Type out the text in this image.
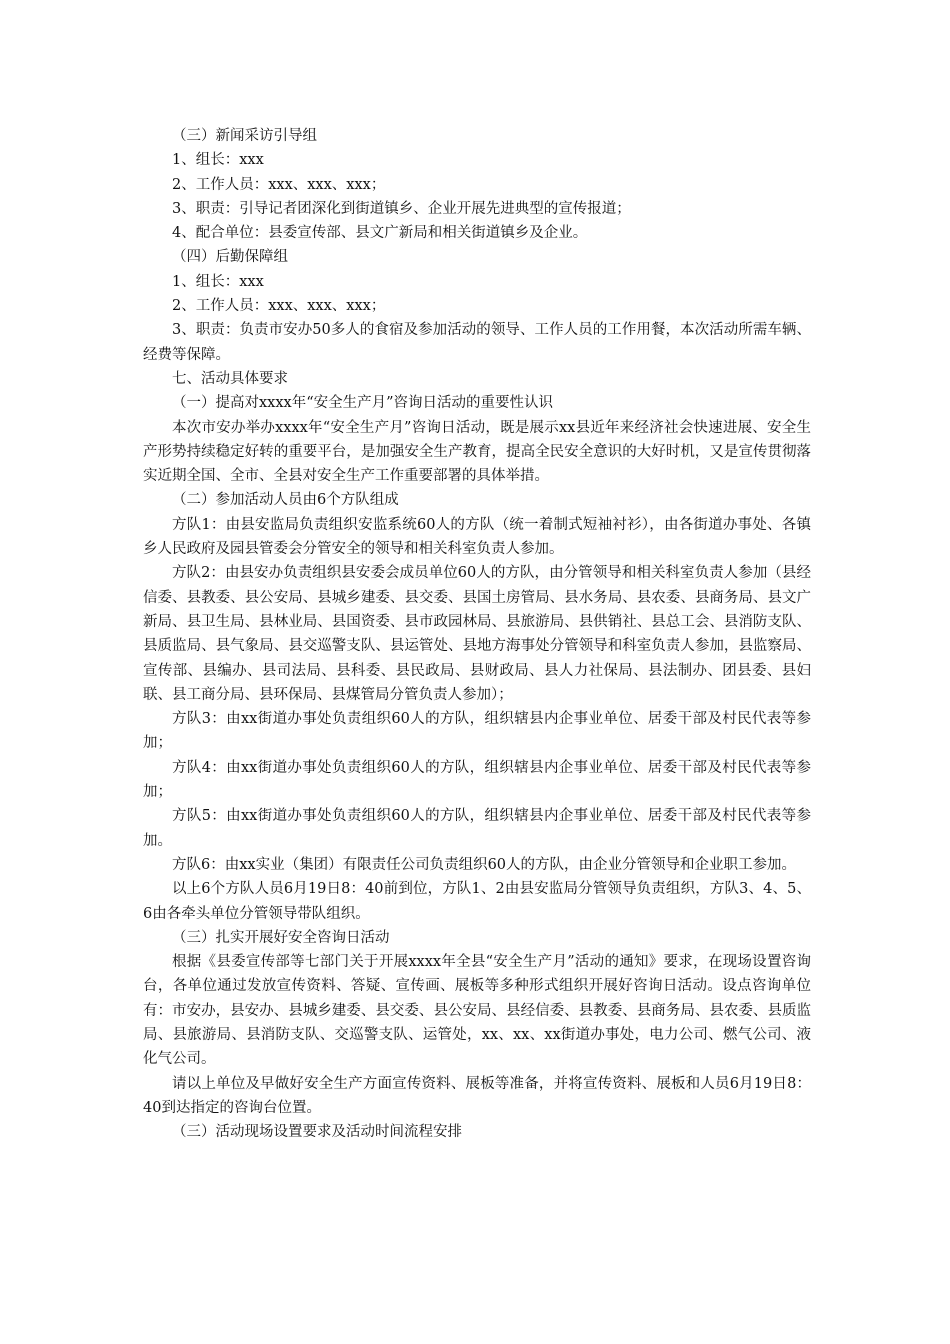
（三）新闻采访引导组

1、组长：xxx

2、工作人员：xxx、xxx、xxx；

3、职责：引导记者团深化到街道镇乡、企业开展先进典型的宣传报道；

4、配合单位：县委宣传部、县文广新局和相关街道镇乡及企业。

（四）后勤保障组

1、组长：xxx

2、工作人员：xxx、xxx、xxx；

3、职责：负责市安办50多人的食宿及参加活动的领导、工作人员的工作用餐，本次活动所需车辆、经费等保障。

七、活动具体要求

（一）提高对xxxx年“安全生产月”咨询日活动的重要性认识

本次市安办举办xxxx年“安全生产月”咨询日活动，既是展示xx县近年来经济社会快速进展、安全生产形势持续稳定好转的重要平台，是加强安全生产教育，提高全民安全意识的大好时机，又是宣传贯彻落实近期全国、全市、全县对安全生产工作重要部署的具体举措。

（二）参加活动人员由6个方队组成

方队1：由县安监局负责组织安监系统60人的方队（统一着制式短袖衬衫），由各街道办事处、各镇乡人民政府及园县管委会分管安全的领导和相关科室负责人参加。

方队2：由县安办负责组织县安委会成员单位60人的方队，由分管领导和相关科室负责人参加（县经信委、县教委、县公安局、县城乡建委、县交委、县国土房管局、县水务局、县农委、县商务局、县文广新局、县卫生局、县林业局、县国资委、县市政园林局、县旅游局、县供销社、县总工会、县消防支队、县质监局、县气象局、县交巡警支队、县运管处、县地方海事处分管领导和科室负责人参加，县监察局、宣传部、县编办、县司法局、县科委、县民政局、县财政局、县人力社保局、县法制办、团县委、县妇联、县工商分局、县环保局、县煤管局分管负责人参加）；

方队3：由xx街道办事处负责组织60人的方队，组织辖县内企事业单位、居委干部及村民代表等参加；

方队4：由xx街道办事处负责组织60人的方队，组织辖县内企事业单位、居委干部及村民代表等参加；

方队5：由xx街道办事处负责组织60人的方队，组织辖县内企事业单位、居委干部及村民代表等参加。

方队6：由xx实业（集团）有限责任公司负责组织60人的方队，由企业分管领导和企业职工参加。

以上6个方队人员6月19日8：40前到位，方队1、2由县安监局分管领导负责组织，方队3、4、5、6由各牵头单位分管领导带队组织。

（三）扎实开展好安全咨询日活动

根据《县委宣传部等七部门关于开展xxxx年全县“安全生产月”活动的通知》要求，在现场设置咨询台，各单位通过发放宣传资料、答疑、宣传画、展板等多种形式组织开展好咨询日活动。设点咨询单位有：市安办，县安办、县城乡建委、县交委、县公安局、县经信委、县教委、县商务局、县农委、县质监局、县旅游局、县消防支队、交巡警支队、运管处，xx、xx、xx街道办事处，电力公司、燃气公司、液化气公司。

请以上单位及早做好安全生产方面宣传资料、展板等准备，并将宣传资料、展板和人员6月19日8：40到达指定的咨询台位置。

（三）活动现场设置要求及活动时间流程安排
